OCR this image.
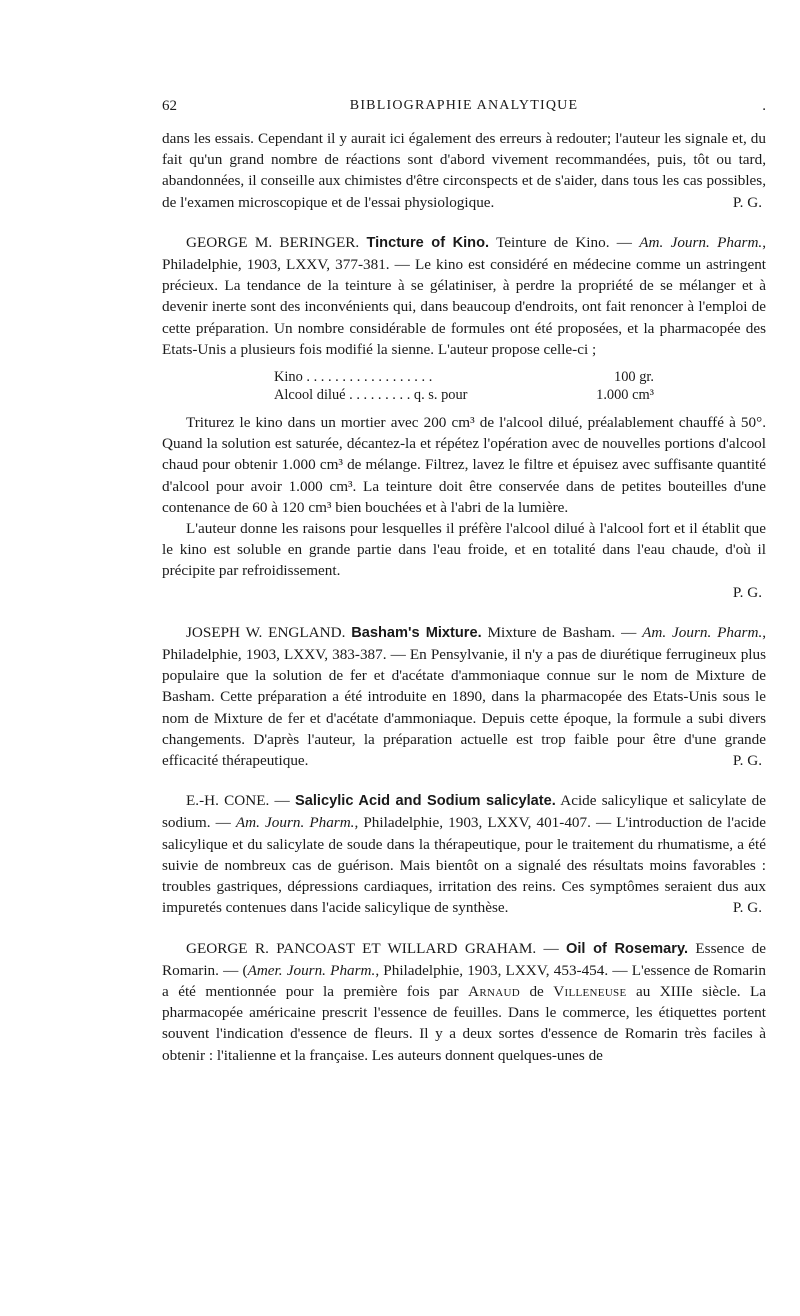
62	BIBLIOGRAPHIE ANALYTIQUE	.

dans les essais. Cependant il y aurait ici également des erreurs à redouter; l'auteur les signale et, du fait qu'un grand nombre de réactions sont d'abord vivement recommandées, puis, tôt ou tard, abandonnées, il conseille aux chimistes d'être circonspects et de s'aider, dans tous les cas possibles, de l'examen microscopique et de l'essai physiologique.	P. G.

GEORGE M. BERINGER. Tincture of Kino. Teinture de Kino. — Am. Journ. Pharm., Philadelphie, 1903, LXXV, 377-381. — Le kino est considéré en médecine comme un astringent précieux. La tendance de la teinture à se gélatiniser, à perdre la propriété de se mélanger et à devenir inerte sont des inconvénients qui, dans beaucoup d'endroits, ont fait renoncer à l'emploi de cette préparation. Un nombre considérable de formules ont été proposées, et la pharmacopée des Etats-Unis a plusieurs fois modifié la sienne. L'auteur propose celle-ci ;

Kino . . . . . . . . . . . . . . . . . .	100 gr.
Alcool dilué . . . . . . . . . q. s. pour	1.000 cm³

Triturez le kino dans un mortier avec 200 cm³ de l'alcool dilué, préalablement chauffé à 50°. Quand la solution est saturée, décantez-la et répétez l'opération avec de nouvelles portions d'alcool chaud pour obtenir 1.000 cm³ de mélange. Filtrez, lavez le filtre et épuisez avec suffisante quantité d'alcool pour avoir 1.000 cm³. La teinture doit être conservée dans de petites bouteilles d'une contenance de 60 à 120 cm³ bien bouchées et à l'abri de la lumière.

L'auteur donne les raisons pour lesquelles il préfère l'alcool dilué à l'alcool fort et il établit que le kino est soluble en grande partie dans l'eau froide, et en totalité dans l'eau chaude, d'où il précipite par refroidissement.

P. G.

JOSEPH W. ENGLAND. Basham's Mixture. Mixture de Basham. — Am. Journ. Pharm., Philadelphie, 1903, LXXV, 383-387. — En Pensylvanie, il n'y a pas de diurétique ferrugineux plus populaire que la solution de fer et d'acétate d'ammoniaque connue sur le nom de Mixture de Basham. Cette préparation a été introduite en 1890, dans la pharmacopée des Etats-Unis sous le nom de Mixture de fer et d'acétate d'ammoniaque. Depuis cette époque, la formule a subi divers changements. D'après l'auteur, la préparation actuelle est trop faible pour être d'une grande efficacité thérapeutique.	P. G.

E.-H. CONE. — Salicylic Acid and Sodium salicylate. Acide salicylique et salicylate de sodium. — Am. Journ. Pharm., Philadelphie, 1903, LXXV, 401-407. — L'introduction de l'acide salicylique et du salicylate de soude dans la thérapeutique, pour le traitement du rhumatisme, a été suivie de nombreux cas de guérison. Mais bientôt on a signalé des résultats moins favorables : troubles gastriques, dépressions cardiaques, irritation des reins. Ces symptômes seraient dus aux impuretés contenues dans l'acide salicylique de synthèse.	P. G.

GEORGE R. PANCOAST ET WILLARD GRAHAM. — Oil of Rosemary. Essence de Romarin. — (Amer. Journ. Pharm., Philadelphie, 1903, LXXV, 453-454. — L'essence de Romarin a été mentionnée pour la première fois par Arnaud de Villeneuse au XIIIe siècle. La pharmacopée américaine prescrit l'essence de feuilles. Dans le commerce, les étiquettes portent souvent l'indication d'essence de fleurs. Il y a deux sortes d'essence de Romarin très faciles à obtenir : l'italienne et la française. Les auteurs donnent quelques-unes de
